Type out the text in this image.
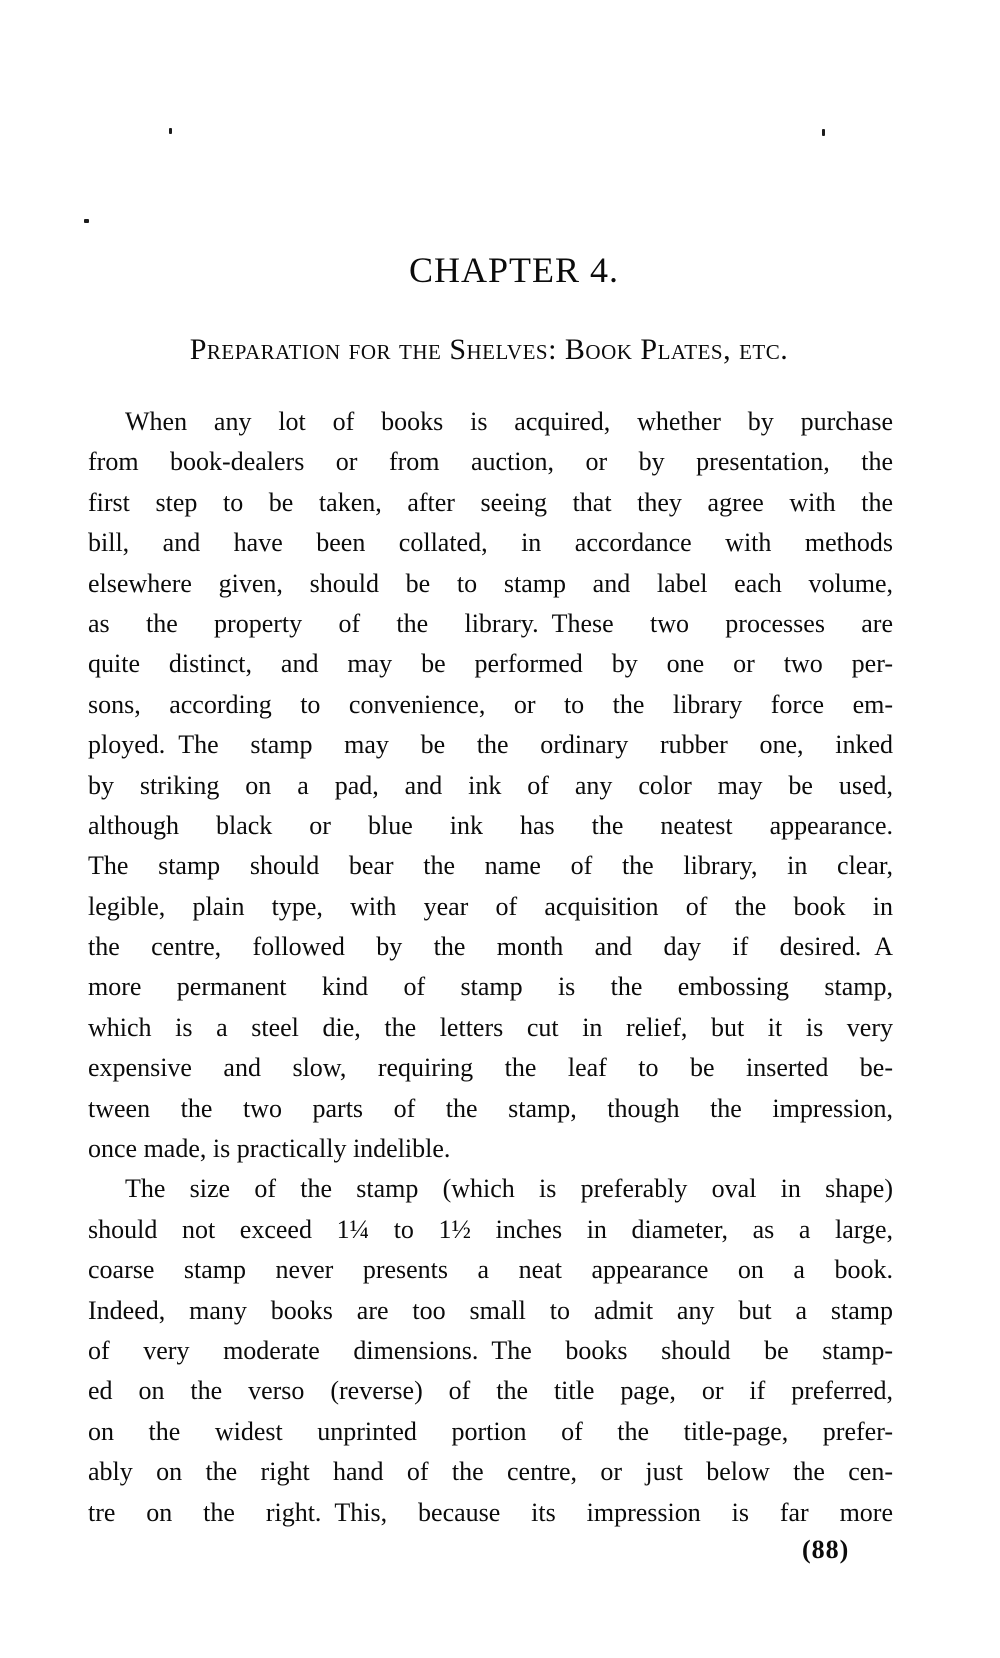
CHAPTER 4.
Preparation for the Shelves: Book Plates, etc.
When any lot of books is acquired, whether by purchase
from book-dealers or from auction, or by presentation, the
first step to be taken, after seeing that they agree with the
bill, and have been collated, in accordance with methods
elsewhere given, should be to stamp and label each volume,
as the property of the library. These two processes are
quite distinct, and may be performed by one or two per-
sons, according to convenience, or to the library force em-
ployed. The stamp may be the ordinary rubber one, inked
by striking on a pad, and ink of any color may be used,
although black or blue ink has the neatest appearance.
The stamp should bear the name of the library, in clear,
legible, plain type, with year of acquisition of the book in
the centre, followed by the month and day if desired. A
more permanent kind of stamp is the embossing stamp,
which is a steel die, the letters cut in relief, but it is very
expensive and slow, requiring the leaf to be inserted be-
tween the two parts of the stamp, though the impression,
once made, is practically indelible.
The size of the stamp (which is preferably oval in shape)
should not exceed 1¼ to 1½ inches in diameter, as a large,
coarse stamp never presents a neat appearance on a book.
Indeed, many books are too small to admit any but a stamp
of very moderate dimensions. The books should be stamp-
ed on the verso (reverse) of the title page, or if preferred,
on the widest unprinted portion of the title-page, prefer-
ably on the right hand of the centre, or just below the cen-
tre on the right. This, because its impression is far more
(88)
